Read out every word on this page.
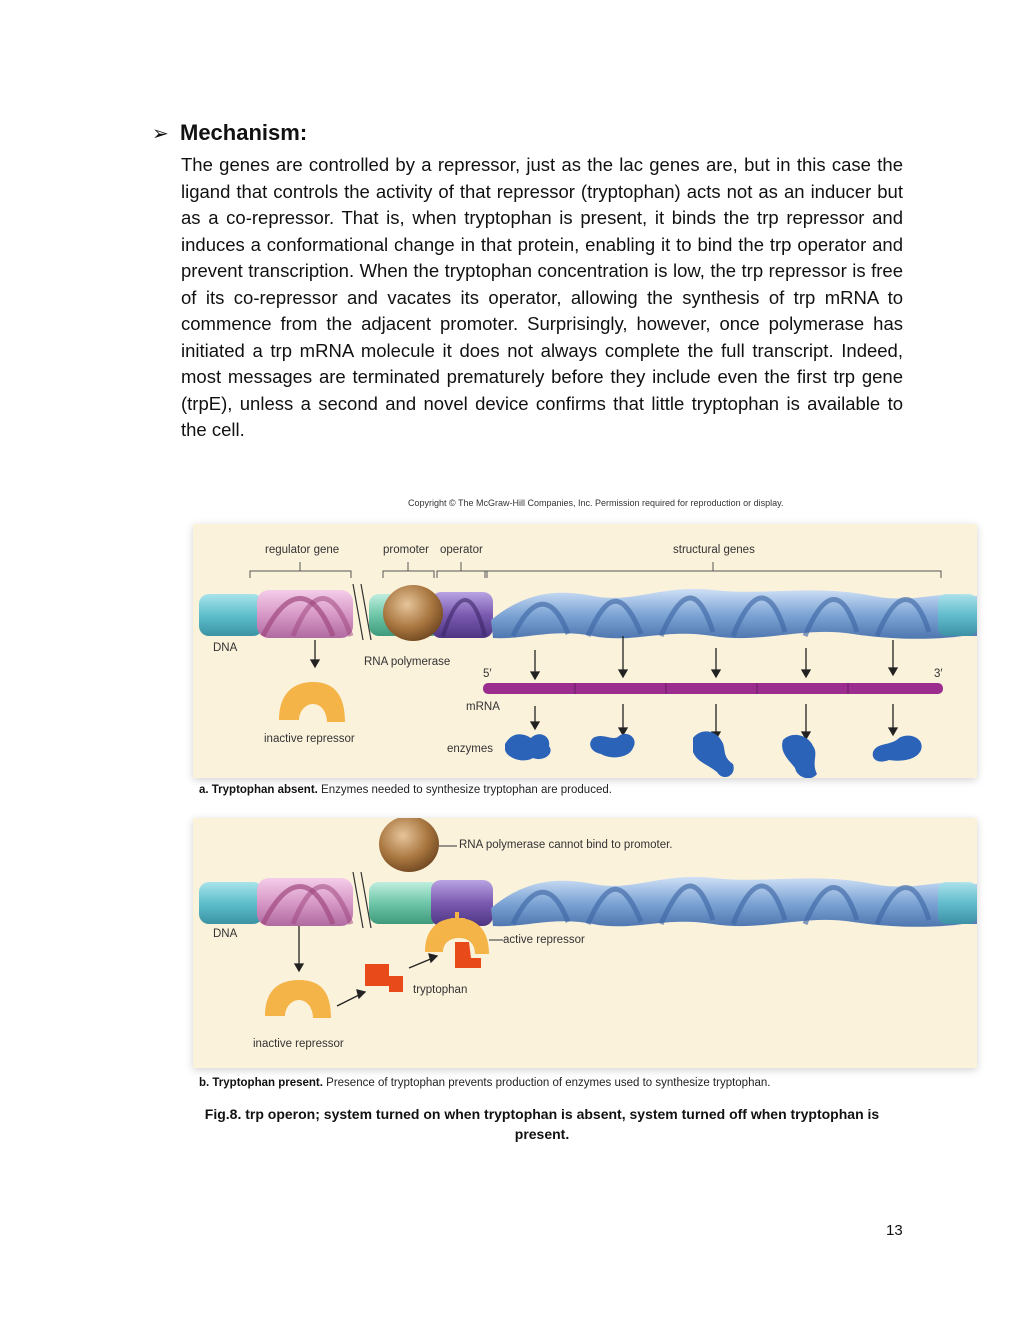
➢ Mechanism:

The genes are controlled by a repressor, just as the lac genes are, but in this case the ligand that controls the activity of that repressor (tryptophan) acts not as an inducer but as a co-repressor. That is, when tryptophan is present, it binds the trp repressor and induces a conformational change in that protein, enabling it to bind the trp operator and prevent transcription. When the tryptophan concentration is low, the trp repressor is free of its co-repressor and vacates its operator, allowing the synthesis of trp mRNA to commence from the adjacent promoter. Surprisingly, however, once polymerase has initiated a trp mRNA molecule it does not always complete the full transcript. Indeed, most messages are terminated prematurely before they include even the first trp gene (trpE), unless a second and novel device confirms that little tryptophan is available to the cell.

Copyright © The McGraw-Hill Companies, Inc. Permission required for reproduction or display.
regulator gene	promoter operator	structural genes
DNA
RNA polymerase
5′	3′
mRNA
inactive repressor
enzymes
a. Tryptophan absent. Enzymes needed to synthesize tryptophan are produced.
RNA polymerase cannot bind to promoter.
DNA	active repressor
tryptophan
inactive repressor
b. Tryptophan present. Presence of tryptophan prevents production of enzymes used to synthesize tryptophan.
Fig.8. trp operon; system turned on when tryptophan is absent, system turned off when tryptophan is present.
13
